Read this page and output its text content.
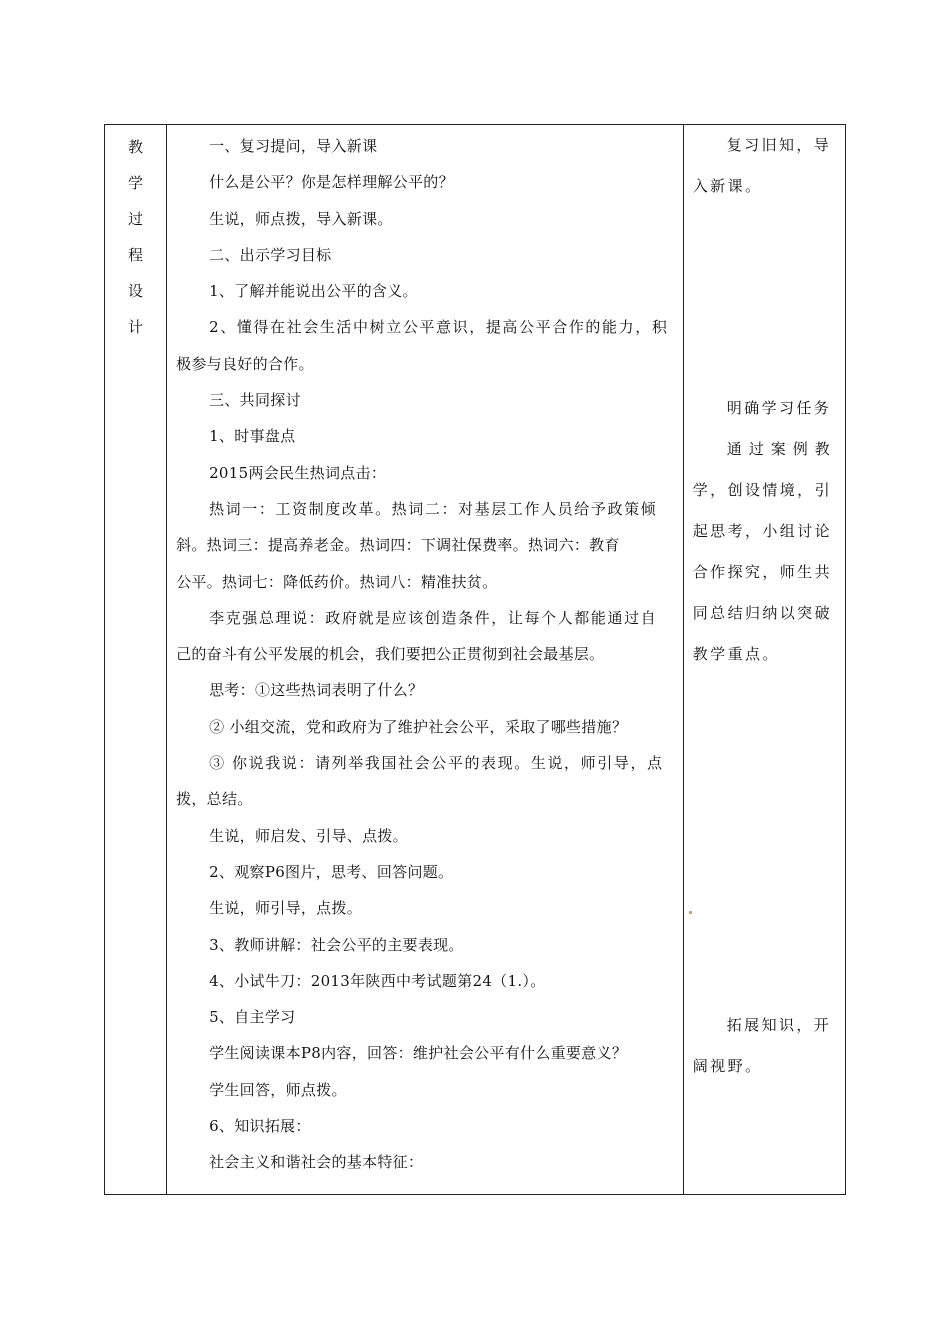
教
学
过
程
设
计

一、复习提问，导入新课
什么是公平？你是怎样理解公平的？
生说，师点拨，导入新课。
二、出示学习目标
1、了解并能说出公平的含义。
2、懂得在社会生活中树立公平意识，提高公平合作的能力，积
极参与良好的合作。
三、共同探讨
1、时事盘点
2015两会民生热词点击：
热词一：工资制度改革。热词二：对基层工作人员给予政策倾
斜。热词三：提高养老金。热词四：下调社保费率。热词六：教育
公平。热词七：降低药价。热词八：精准扶贫。
李克强总理说：政府就是应该创造条件，让每个人都能通过自
己的奋斗有公平发展的机会，我们要把公正贯彻到社会最基层。
思考：①这些热词表明了什么？
② 小组交流，党和政府为了维护社会公平，采取了哪些措施？
③ 你说我说：请列举我国社会公平的表现。生说，师引导，点
拨，总结。
生说，师启发、引导、点拨。
2、观察P6图片，思考、回答问题。
生说，师引导，点拨。
3、教师讲解：社会公平的主要表现。
4、小试牛刀：2013年陕西中考试题第24（1.）。
5、自主学习
学生阅读课本P8内容，回答：维护社会公平有什么重要意义？
学生回答，师点拨。
6、知识拓展：
社会主义和谐社会的基本特征：

复习旧知，导
入新课。
明确学习任务
通过案例教
学，创设情境，引起思考，小组讨论合作探究，师生共同总结归纳以突破教学重点。
拓展知识，开
阔视野。
